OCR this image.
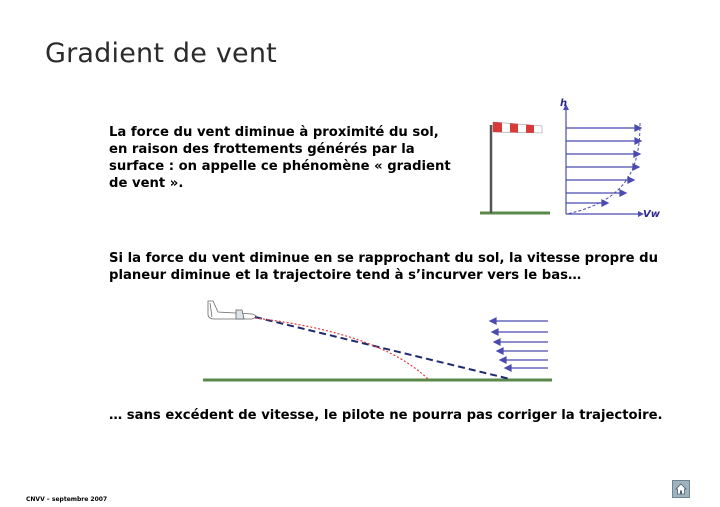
Gradient de vent
La force du vent diminue à proximité du sol, en raison des frottements générés par la surface : on appelle ce phénomène « gradient de vent ».
h
Vw
Si la force du vent diminue en se rapprochant du sol, la vitesse propre du planeur diminue et la trajectoire tend à s’incurver vers le bas…
… sans excédent de vitesse, le pilote ne pourra pas corriger la trajectoire.
CNVV – septembre 2007
